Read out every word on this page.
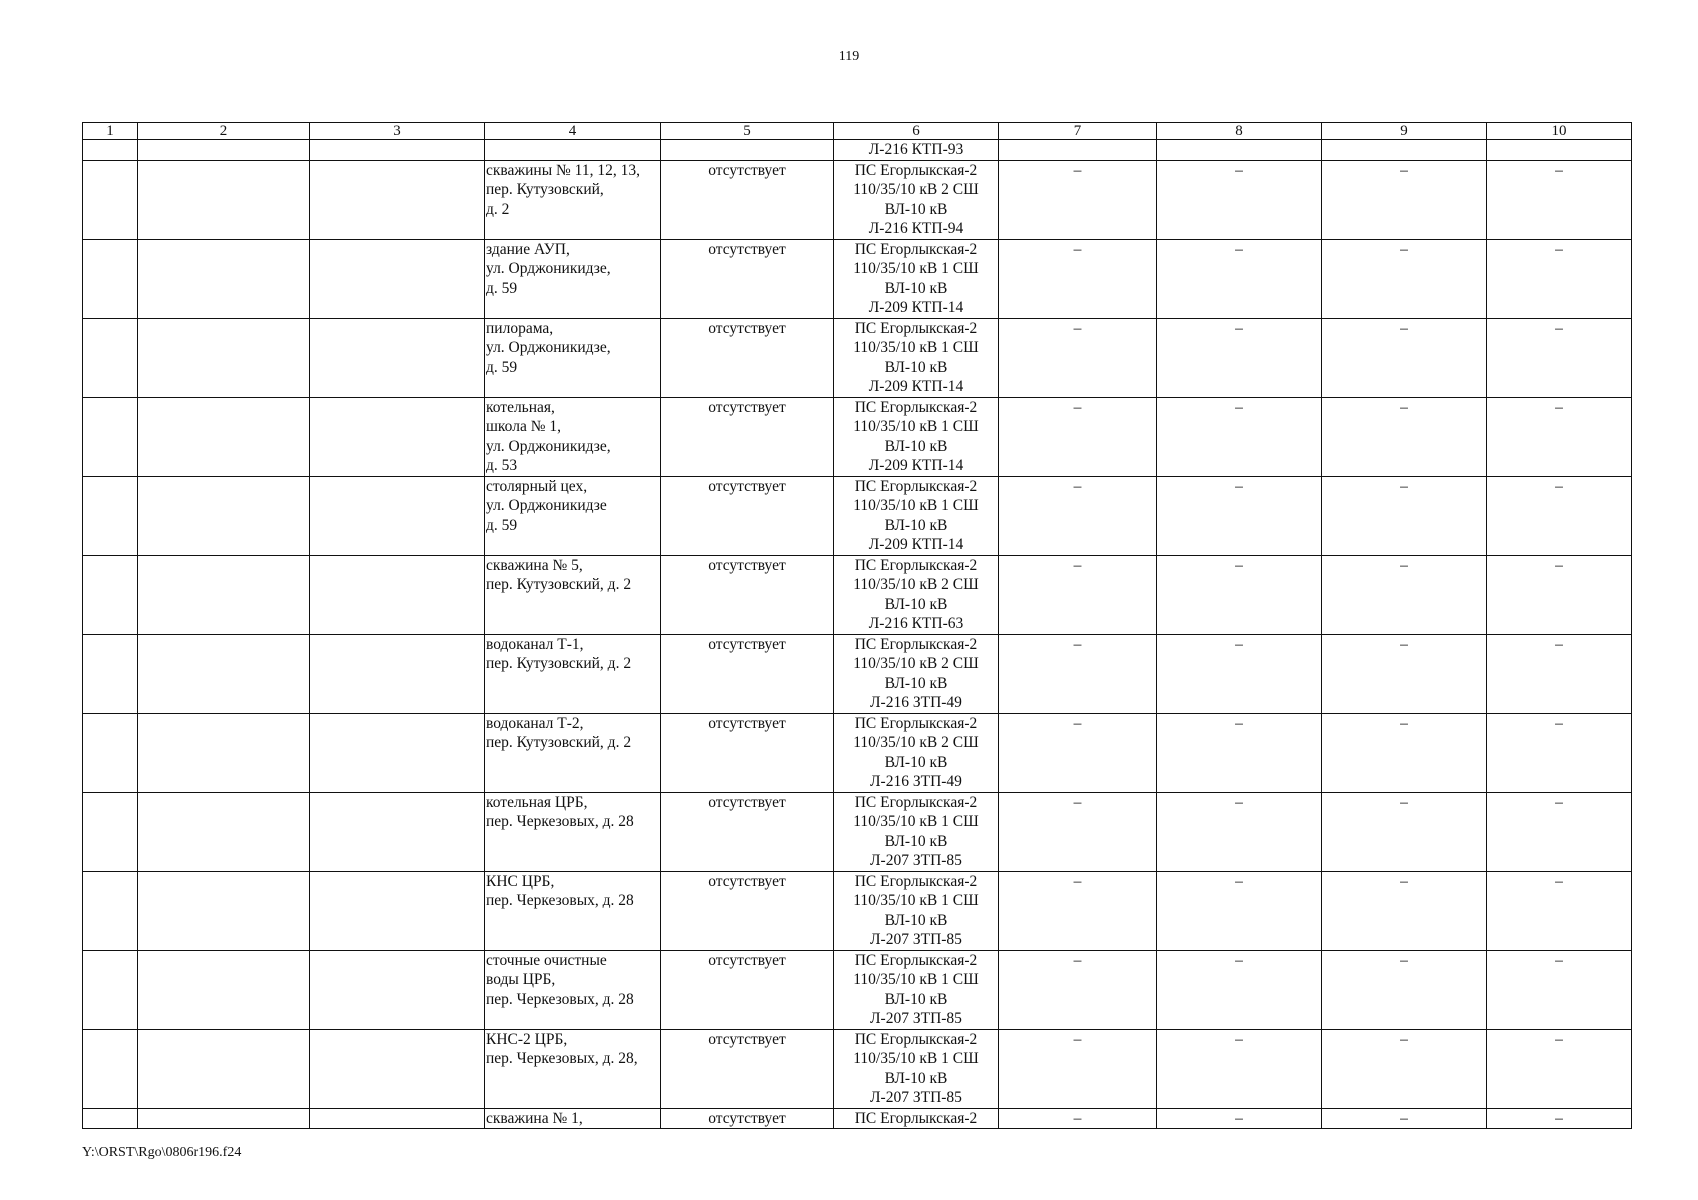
119
1	2	3	4	5	6	7	8	9	10
					Л-216 КТП-93				
			скважины № 11, 12, 13,
пер. Кутузовский,
д. 2	отсутствует	ПС Егорлыкская-2
110/35/10 кВ 2 СШ
ВЛ-10 кВ
Л-216 КТП-94	–	–	–	–
			здание АУП,
ул. Орджоникидзе,
д. 59	отсутствует	ПС Егорлыкская-2
110/35/10 кВ 1 СШ
ВЛ-10 кВ
Л-209 КТП-14	–	–	–	–
			пилорама,
ул. Орджоникидзе,
д. 59	отсутствует	ПС Егорлыкская-2
110/35/10 кВ 1 СШ
ВЛ-10 кВ
Л-209 КТП-14	–	–	–	–
			котельная,
школа № 1,
ул. Орджоникидзе,
д. 53	отсутствует	ПС Егорлыкская-2
110/35/10 кВ 1 СШ
ВЛ-10 кВ
Л-209 КТП-14	–	–	–	–
			столярный цех,
ул. Орджоникидзе
д. 59	отсутствует	ПС Егорлыкская-2
110/35/10 кВ 1 СШ
ВЛ-10 кВ
Л-209 КТП-14	–	–	–	–
			скважина № 5,
пер. Кутузовский, д. 2	отсутствует	ПС Егорлыкская-2
110/35/10 кВ 2 СШ
ВЛ-10 кВ
Л-216 КТП-63	–	–	–	–
			водоканал Т-1,
пер. Кутузовский, д. 2	отсутствует	ПС Егорлыкская-2
110/35/10 кВ 2 СШ
ВЛ-10 кВ
Л-216 ЗТП-49	–	–	–	–
			водоканал Т-2,
пер. Кутузовский, д. 2	отсутствует	ПС Егорлыкская-2
110/35/10 кВ 2 СШ
ВЛ-10 кВ
Л-216 ЗТП-49	–	–	–	–
			котельная ЦРБ,
пер. Черкезовых, д. 28	отсутствует	ПС Егорлыкская-2
110/35/10 кВ 1 СШ
ВЛ-10 кВ
Л-207 ЗТП-85	–	–	–	–
			КНС ЦРБ,
пер. Черкезовых, д. 28	отсутствует	ПС Егорлыкская-2
110/35/10 кВ 1 СШ
ВЛ-10 кВ
Л-207 ЗТП-85	–	–	–	–
			сточные очистные
воды ЦРБ,
пер. Черкезовых, д. 28	отсутствует	ПС Егорлыкская-2
110/35/10 кВ 1 СШ
ВЛ-10 кВ
Л-207 ЗТП-85	–	–	–	–
			КНС-2 ЦРБ,
пер. Черкезовых, д. 28,	отсутствует	ПС Егорлыкская-2
110/35/10 кВ 1 СШ
ВЛ-10 кВ
Л-207 ЗТП-85	–	–	–	–
			скважина № 1,	отсутствует	ПС Егорлыкская-2	–	–	–	–
Y:\ORST\Rgo\0806r196.f24
